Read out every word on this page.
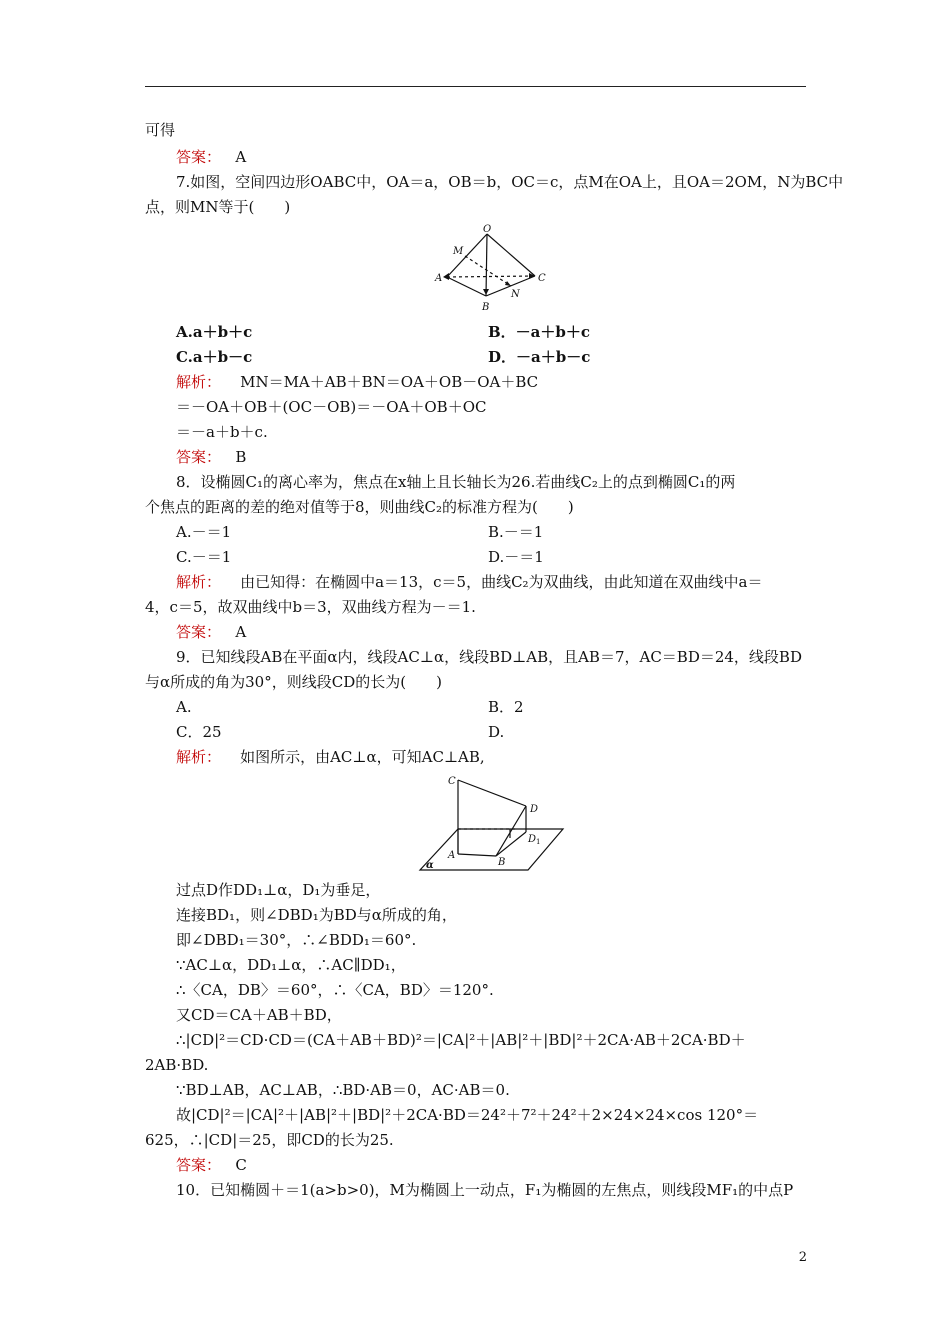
可得
答案： A
7.如图，空间四边形OABC中，OA＝a，OB＝b，OC＝c，点M在OA上，且OA＝2OM，N为BC中
点，则MN等于(　　)
O
M
A	C
N
B
A.a＋b＋c	B．－a＋b＋c
C.a＋b－c	D．－a＋b－c
解析： MN＝MA＋AB＋BN＝OA＋OB－OA＋BC
＝－OA＋OB＋(OC－OB)＝－OA＋OB＋OC
＝－a＋b＋c.
答案： B
8．设椭圆C₁的离心率为，焦点在x轴上且长轴长为26.若曲线C₂上的点到椭圆C₁的两
个焦点的距离的差的绝对值等于8，则曲线C₂的标准方程为(　　)
A.－＝1	B.－＝1
C.－＝1	D.－＝1
解析： 由已知得：在椭圆中a＝13，c＝5，曲线C₂为双曲线，由此知道在双曲线中a＝
4，c＝5，故双曲线中b＝3，双曲线方程为－＝1.
答案： A
9．已知线段AB在平面α内，线段AC⊥α，线段BD⊥AB，且AB＝7，AC＝BD＝24，线段BD
与α所成的角为30°，则线段CD的长为(　　)
A.	B．2
C．25	D.
解析： 如图所示，由AC⊥α，可知AC⊥AB,
C
D
$D_1$
A
B
α
过点D作DD₁⊥α，D₁为垂足，
连接BD₁，则∠DBD₁为BD与α所成的角，
即∠DBD₁＝30°，∴∠BDD₁＝60°.
∵AC⊥α，DD₁⊥α，∴AC∥DD₁，
∴〈CA，DB〉＝60°，∴〈CA，BD〉＝120°.
又CD＝CA＋AB＋BD，
∴|CD|²＝CD·CD＝(CA＋AB＋BD)²＝|CA|²＋|AB|²＋|BD|²＋2CA·AB＋2CA·BD＋
2AB·BD.
∵BD⊥AB，AC⊥AB，∴BD·AB＝0，AC·AB＝0.
故|CD|²＝|CA|²＋|AB|²＋|BD|²＋2CA·BD＝24²＋7²＋24²＋2×24×24×cos 120°＝
625，∴|CD|＝25，即CD的长为25.
答案： C
10．已知椭圆＋＝1(a>b>0)，M为椭圆上一动点，F₁为椭圆的左焦点，则线段MF₁的中点P
2
